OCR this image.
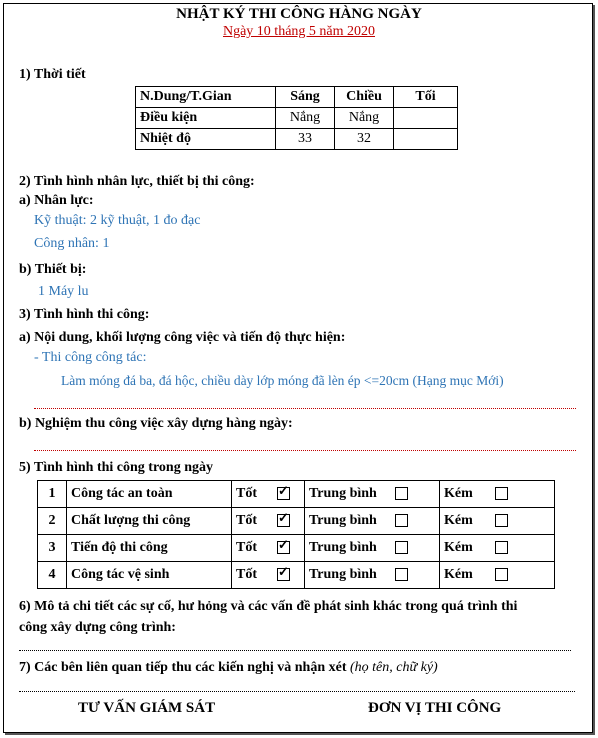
NHẬT KÝ THI CÔNG HÀNG NGÀY
Ngày 10 tháng 5 năm 2020
1) Thời tiết
N.Dung/T.Gian	Sáng	Chiều	Tối
Điều kiện	Nắng	Nắng	
Nhiệt độ	33	32	
2) Tình hình nhân lực, thiết bị thi công:
a) Nhân lực:
Kỹ thuật: 2 kỹ thuật, 1 đo đạc
Công nhân: 1
b) Thiết bị:
1 Máy lu
3) Tình hình thi công:
a) Nội dung, khối lượng công việc và tiến độ thực hiện:
- Thi công công tác:
Làm móng đá ba, đá hộc, chiều dày lớp móng đã lèn ép <=20cm (Hạng mục Mới)
b) Nghiệm thu công việc xây dựng hàng ngày:
5) Tình hình thi công trong ngày
1	Công tác an toàn	Tốt✓	Trung bình	Kém
2	Chất lượng thi công	Tốt✓	Trung bình	Kém
3	Tiến độ thi công	Tốt✓	Trung bình	Kém
4	Công tác vệ sinh	Tốt✓	Trung bình	Kém
6) Mô tả chi tiết các sự cố, hư hỏng và các vấn đề phát sinh khác trong quá trình thi
công xây dựng công trình:
7) Các bên liên quan tiếp thu các kiến nghị và nhận xét (họ tên, chữ ký)
TƯ VẤN GIÁM SÁT	ĐƠN VỊ THI CÔNG
